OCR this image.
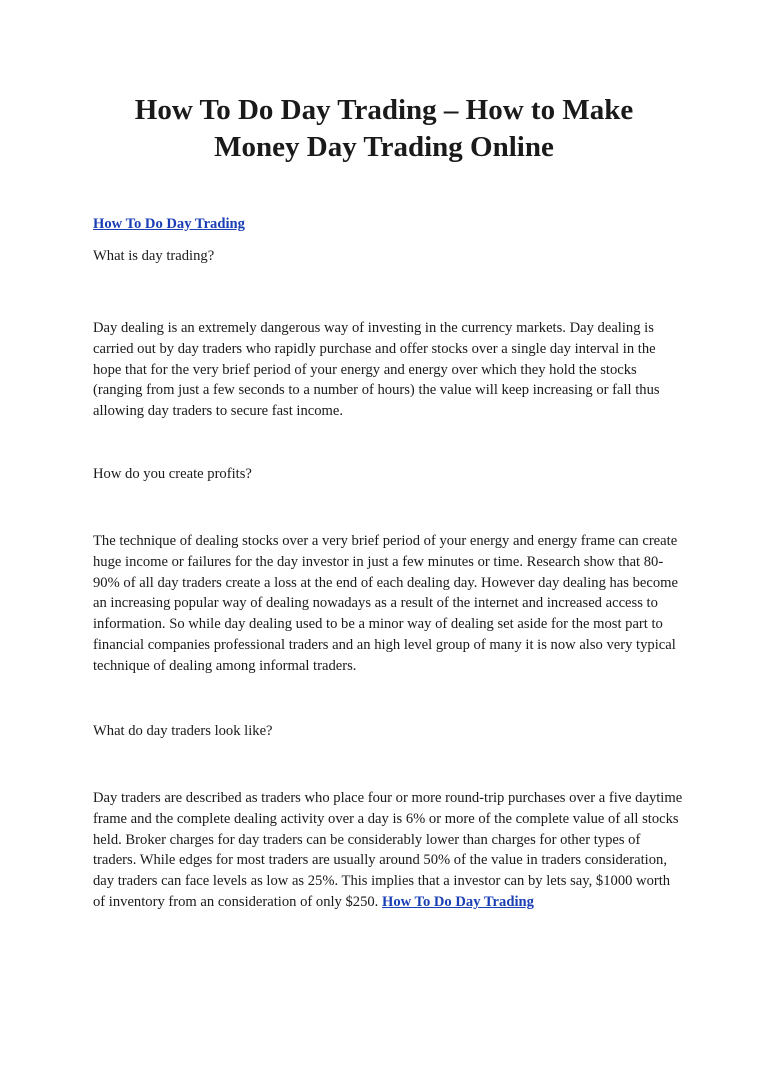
How To Do Day Trading – How to Make Money Day Trading Online

How To Do Day Trading

What is day trading?

Day dealing is an extremely dangerous way of investing in the currency markets. Day dealing is carried out by day traders who rapidly purchase and offer stocks over a single day interval in the hope that for the very brief period of your energy and energy over which they hold the stocks (ranging from just a few seconds to a number of hours) the value will keep increasing or fall thus allowing day traders to secure fast income.

How do you create profits?

The technique of dealing stocks over a very brief period of your energy and energy frame can create huge income or failures for the day investor in just a few minutes or time. Research show that 80-90% of all day traders create a loss at the end of each dealing day. However day dealing has become an increasing popular way of dealing nowadays as a result of the internet and increased access to information. So while day dealing used to be a minor way of dealing set aside for the most part to financial companies professional traders and an high level group of many it is now also very typical technique of dealing among informal traders.

What do day traders look like?

Day traders are described as traders who place four or more round-trip purchases over a five daytime frame and the complete dealing activity over a day is 6% or more of the complete value of all stocks held. Broker charges for day traders can be considerably lower than charges for other types of traders. While edges for most traders are usually around 50% of the value in traders consideration, day traders can face levels as low as 25%. This implies that a investor can by lets say, $1000 worth of inventory from an consideration of only $250. How To Do Day Trading
